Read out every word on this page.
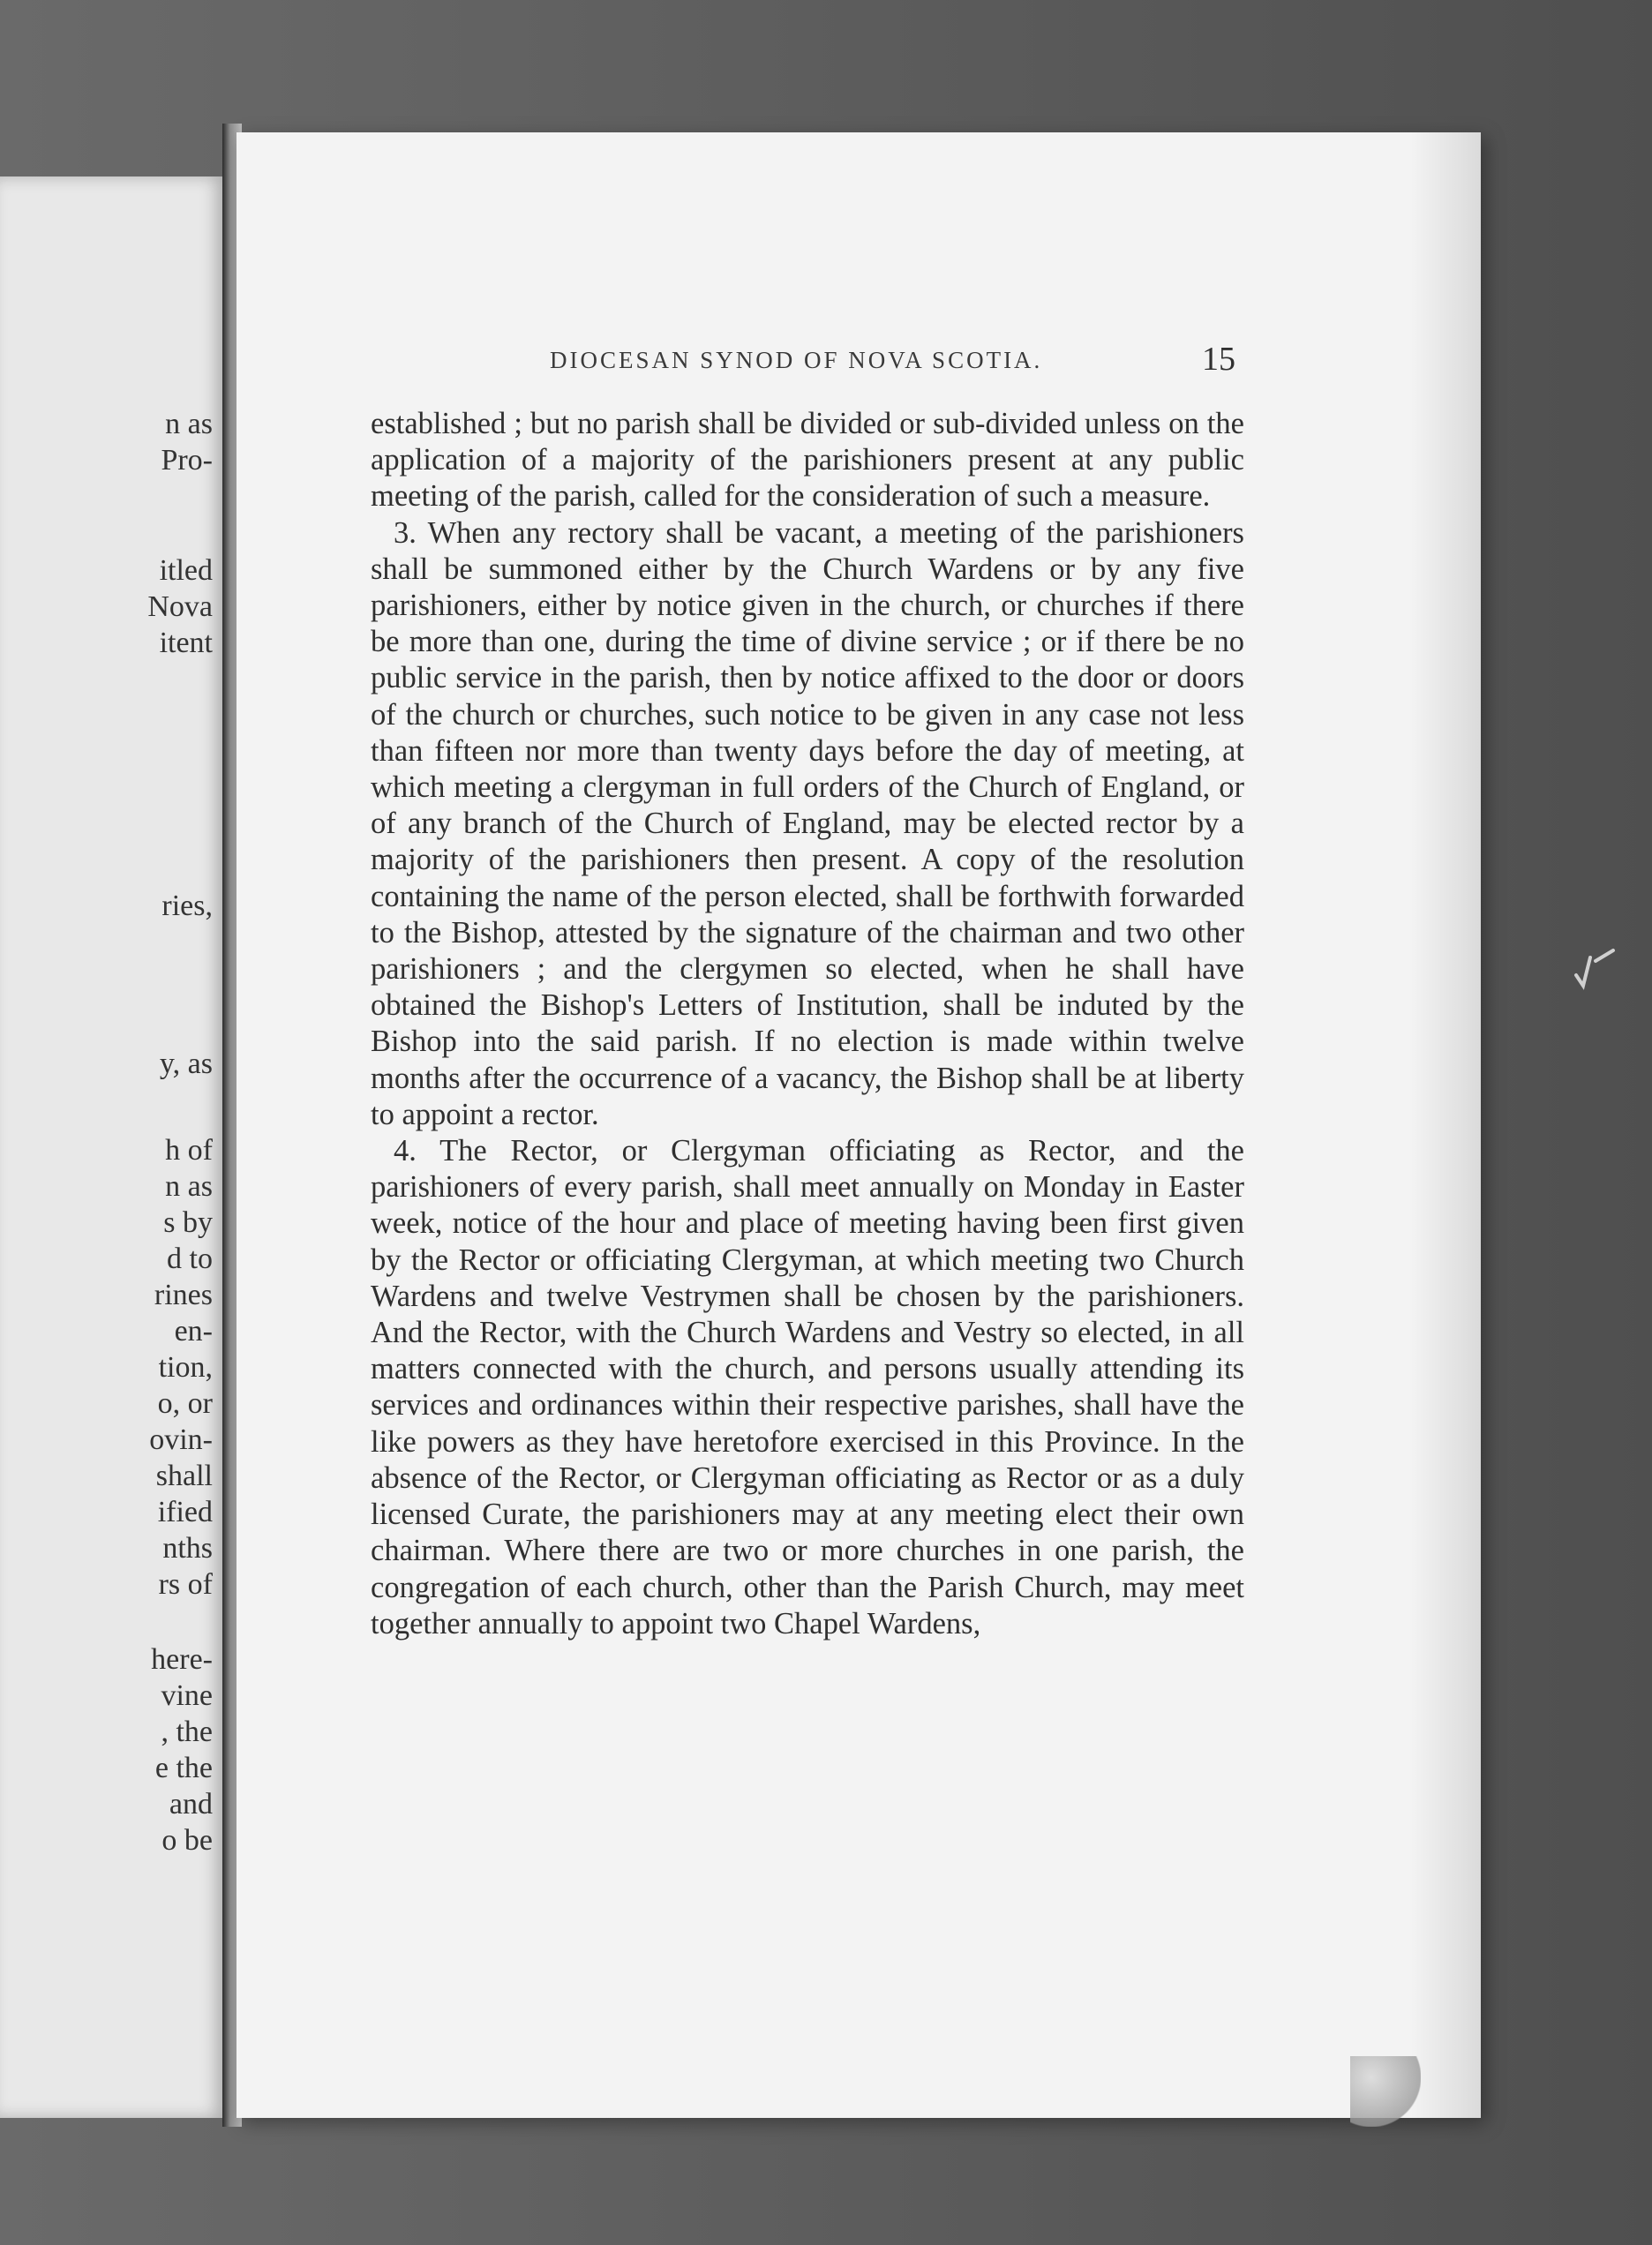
n as
Pro-
itled
Nova
itent
ries,
y, as
h of
n as
s by
d to
rines
en-
tion,
o, or
ovin-
shall
ified
nths
rs of
here-
vine
, the
e the
and
o be
DIOCESAN SYNOD OF NOVA SCOTIA.	15

established ; but no parish shall be divided or sub-divided unless on the application of a majority of the parishioners present at any public meeting of the parish, called for the consideration of such a measure.

3. When any rectory shall be vacant, a meeting of the parishioners shall be summoned either by the Church Wardens or by any five parishioners, either by notice given in the church, or churches if there be more than one, during the time of divine service ; or if there be no public service in the parish, then by notice affixed to the door or doors of the church or churches, such notice to be given in any case not less than fifteen nor more than twenty days before the day of meeting, at which meeting a clergyman in full orders of the Church of England, or of any branch of the Church of England, may be elected rector by a majority of the parishioners then present. A copy of the resolution containing the name of the person elected, shall be forthwith forwarded to the Bishop, attested by the signature of the chairman and two other parishioners ; and the clergymen so elected, when he shall have obtained the Bishop's Letters of Institution, shall be induted by the Bishop into the said parish. If no election is made within twelve months after the occurrence of a vacancy, the Bishop shall be at liberty to appoint a rector.

4. The Rector, or Clergyman officiating as Rector, and the parishioners of every parish, shall meet annually on Monday in Easter week, notice of the hour and place of meeting having been first given by the Rector or officiating Clergyman, at which meeting two Church Wardens and twelve Vestrymen shall be chosen by the parishioners. And the Rector, with the Church Wardens and Vestry so elected, in all matters connected with the church, and persons usually attending its services and ordinances within their respective parishes, shall have the like powers as they have heretofore exercised in this Province. In the absence of the Rector, or Clergyman officiating as Rector or as a duly licensed Curate, the parishioners may at any meeting elect their own chairman. Where there are two or more churches in one parish, the congregation of each church, other than the Parish Church, may meet together annually to appoint two Chapel Wardens,
